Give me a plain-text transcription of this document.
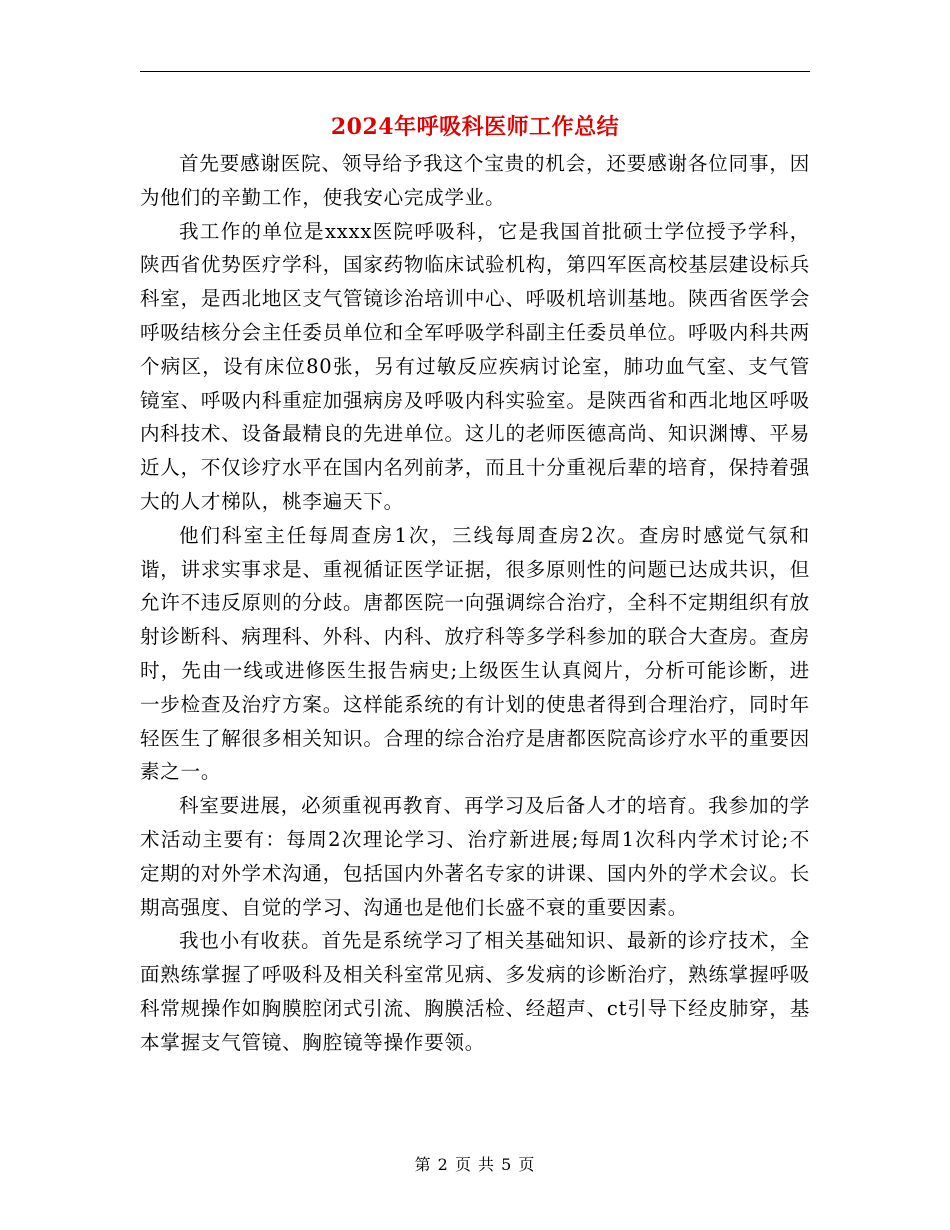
2024年呼吸科医师工作总结

首先要感谢医院、领导给予我这个宝贵的机会，还要感谢各位同事，因为他们的辛勤工作，使我安心完成学业。

我工作的单位是xxxx医院呼吸科，它是我国首批硕士学位授予学科，陕西省优势医疗学科，国家药物临床试验机构，第四军医高校基层建设标兵科室，是西北地区支气管镜诊治培训中心、呼吸机培训基地。陕西省医学会呼吸结核分会主任委员单位和全军呼吸学科副主任委员单位。呼吸内科共两个病区，设有床位80张，另有过敏反应疾病讨论室，肺功血气室、支气管镜室、呼吸内科重症加强病房及呼吸内科实验室。是陕西省和西北地区呼吸内科技术、设备最精良的先进单位。这儿的老师医德高尚、知识渊博、平易近人，不仅诊疗水平在国内名列前茅，而且十分重视后辈的培育，保持着强大的人才梯队，桃李遍天下。

他们科室主任每周查房1次，三线每周查房2次。查房时感觉气氛和谐，讲求实事求是、重视循证医学证据，很多原则性的问题已达成共识，但允许不违反原则的分歧。唐都医院一向强调综合治疗，全科不定期组织有放射诊断科、病理科、外科、内科、放疗科等多学科参加的联合大查房。查房时，先由一线或进修医生报告病史;上级医生认真阅片，分析可能诊断，进一步检查及治疗方案。这样能系统的有计划的使患者得到合理治疗，同时年轻医生了解很多相关知识。合理的综合治疗是唐都医院高诊疗水平的重要因素之一。

科室要进展，必须重视再教育、再学习及后备人才的培育。我参加的学术活动主要有：每周2次理论学习、治疗新进展;每周1次科内学术讨论;不定期的对外学术沟通，包括国内外著名专家的讲课、国内外的学术会议。长期高强度、自觉的学习、沟通也是他们长盛不衰的重要因素。

我也小有收获。首先是系统学习了相关基础知识、最新的诊疗技术，全面熟练掌握了呼吸科及相关科室常见病、多发病的诊断治疗，熟练掌握呼吸科常规操作如胸膜腔闭式引流、胸膜活检、经超声、ct引导下经皮肺穿，基本掌握支气管镜、胸腔镜等操作要领。

第 2 页 共 5 页
